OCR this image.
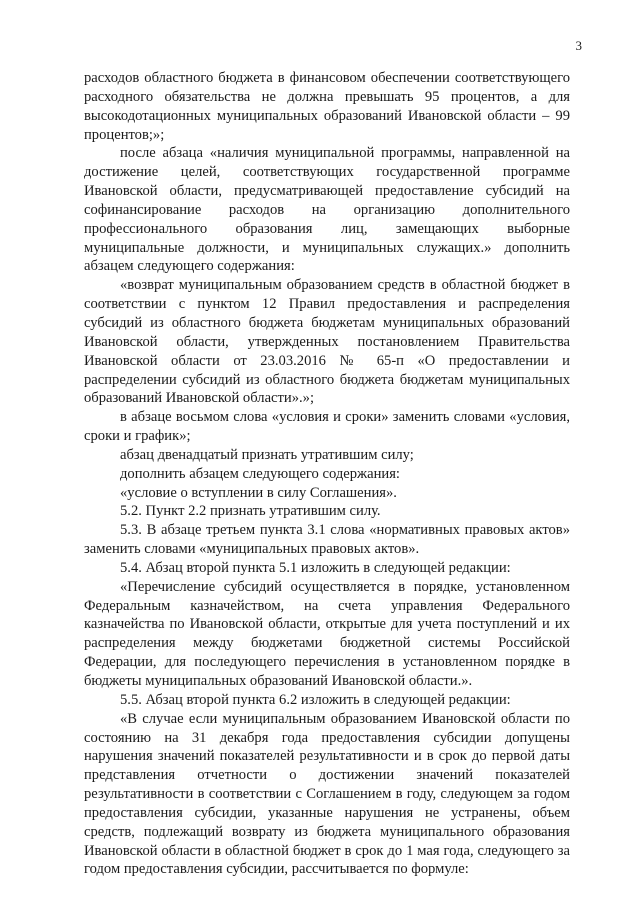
3

расходов областного бюджета в финансовом обеспечении соответствующего расходного обязательства не должна превышать 95 процентов, а для высокодотационных муниципальных образований Ивановской области – 99 процентов;»;

после абзаца «наличия муниципальной программы, направленной на достижение целей, соответствующих государственной программе Ивановской области, предусматривающей предоставление субсидий на софинансирование расходов на организацию дополнительного профессионального образования лиц, замещающих выборные муниципальные должности, и муниципальных служащих.» дополнить абзацем следующего содержания:

«возврат муниципальным образованием средств в областной бюджет в соответствии с пунктом 12 Правил предоставления и распределения субсидий из областного бюджета бюджетам муниципальных образований Ивановской области, утвержденных постановлением Правительства Ивановской области от 23.03.2016 № 65-п «О предоставлении и распределении субсидий из областного бюджета бюджетам муниципальных образований Ивановской области».»;

в абзаце восьмом слова «условия и сроки» заменить словами «условия, сроки и график»;

абзац двенадцатый признать утратившим силу;

дополнить абзацем следующего содержания:

«условие о вступлении в силу Соглашения».

5.2. Пункт 2.2 признать утратившим силу.

5.3. В абзаце третьем пункта 3.1 слова «нормативных правовых актов» заменить словами «муниципальных правовых актов».

5.4. Абзац второй пункта 5.1 изложить в следующей редакции:

«Перечисление субсидий осуществляется в порядке, установленном Федеральным казначейством, на счета управления Федерального казначейства по Ивановской области, открытые для учета поступлений и их распределения между бюджетами бюджетной системы Российской Федерации, для последующего перечисления в установленном порядке в бюджеты муниципальных образований Ивановской области.».

5.5. Абзац второй пункта 6.2 изложить в следующей редакции:

«В случае если муниципальным образованием Ивановской области по состоянию на 31 декабря года предоставления субсидии допущены нарушения значений показателей результативности и в срок до первой даты представления отчетности о достижении значений показателей результативности в соответствии с Соглашением в году, следующем за годом предоставления субсидии, указанные нарушения не устранены, объем средств, подлежащий возврату из бюджета муниципального образования Ивановской области в областной бюджет в срок до 1 мая года, следующего за годом предоставления субсидии, рассчитывается по формуле:
